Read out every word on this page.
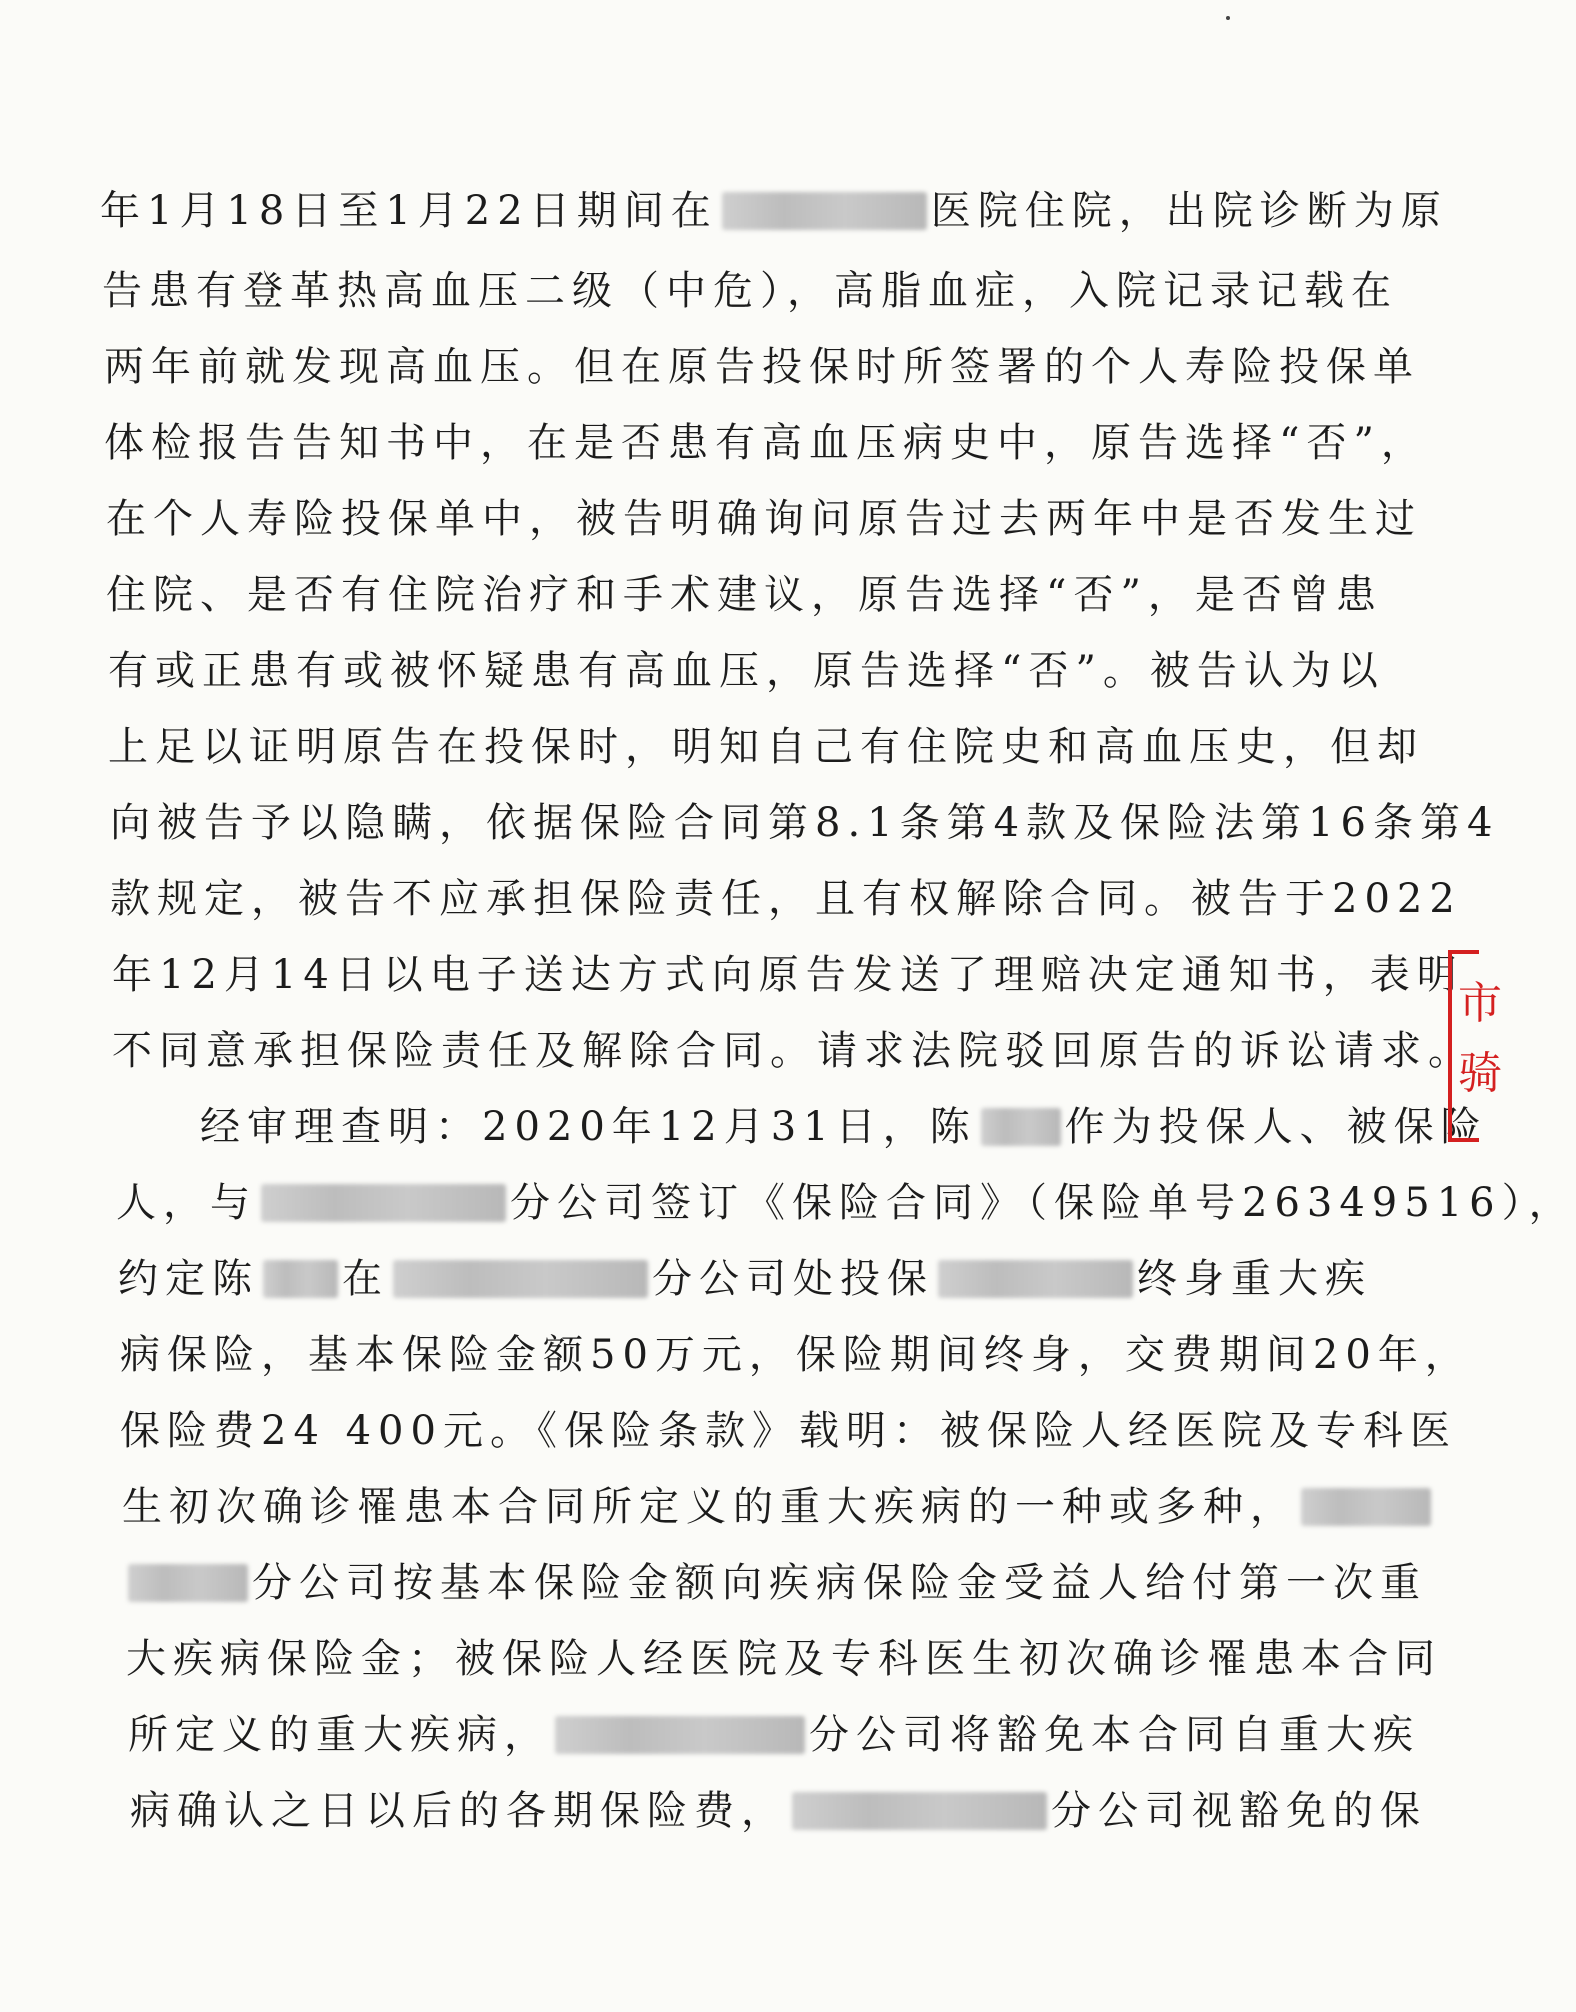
年1月18日至1月22日期间在	医院住院，出院诊断为原
告患有登革热高血压二级（中危），高脂血症，入院记录记载在
两年前就发现高血压。但在原告投保时所签署的个人寿险投保单
体检报告告知书中，在是否患有高血压病史中，原告选择“否”，
在个人寿险投保单中，被告明确询问原告过去两年中是否发生过
住院、是否有住院治疗和手术建议，原告选择“否”，是否曾患
有或正患有或被怀疑患有高血压，原告选择“否”。被告认为以
上足以证明原告在投保时，明知自己有住院史和高血压史，但却
向被告予以隐瞒，依据保险合同第8.1条第4款及保险法第16条第4
款规定，被告不应承担保险责任，且有权解除合同。被告于2022
年12月14日以电子送达方式向原告发送了理赔决定通知书，表明
不同意承担保险责任及解除合同。请求法院驳回原告的诉讼请求。
经审理查明：2020年12月31日，陈 作为投保人、被保险
人，与	分公司签订《保险合同》（保险单号26349516），
约定陈 在	分公司处投保	终身重大疾
病保险，基本保险金额50万元，保险期间终身，交费期间20年，
保险费24 400元。《保险条款》载明：被保险人经医院及专科医
生初次确诊罹患本合同所定义的重大疾病的一种或多种，
分公司按基本保险金额向疾病保险金受益人给付第一次重
大疾病保险金；被保险人经医院及专科医生初次确诊罹患本合同
所定义的重大疾病，	分公司将豁免本合同自重大疾
病确认之日以后的各期保险费，	分公司视豁免的保
市
骑
